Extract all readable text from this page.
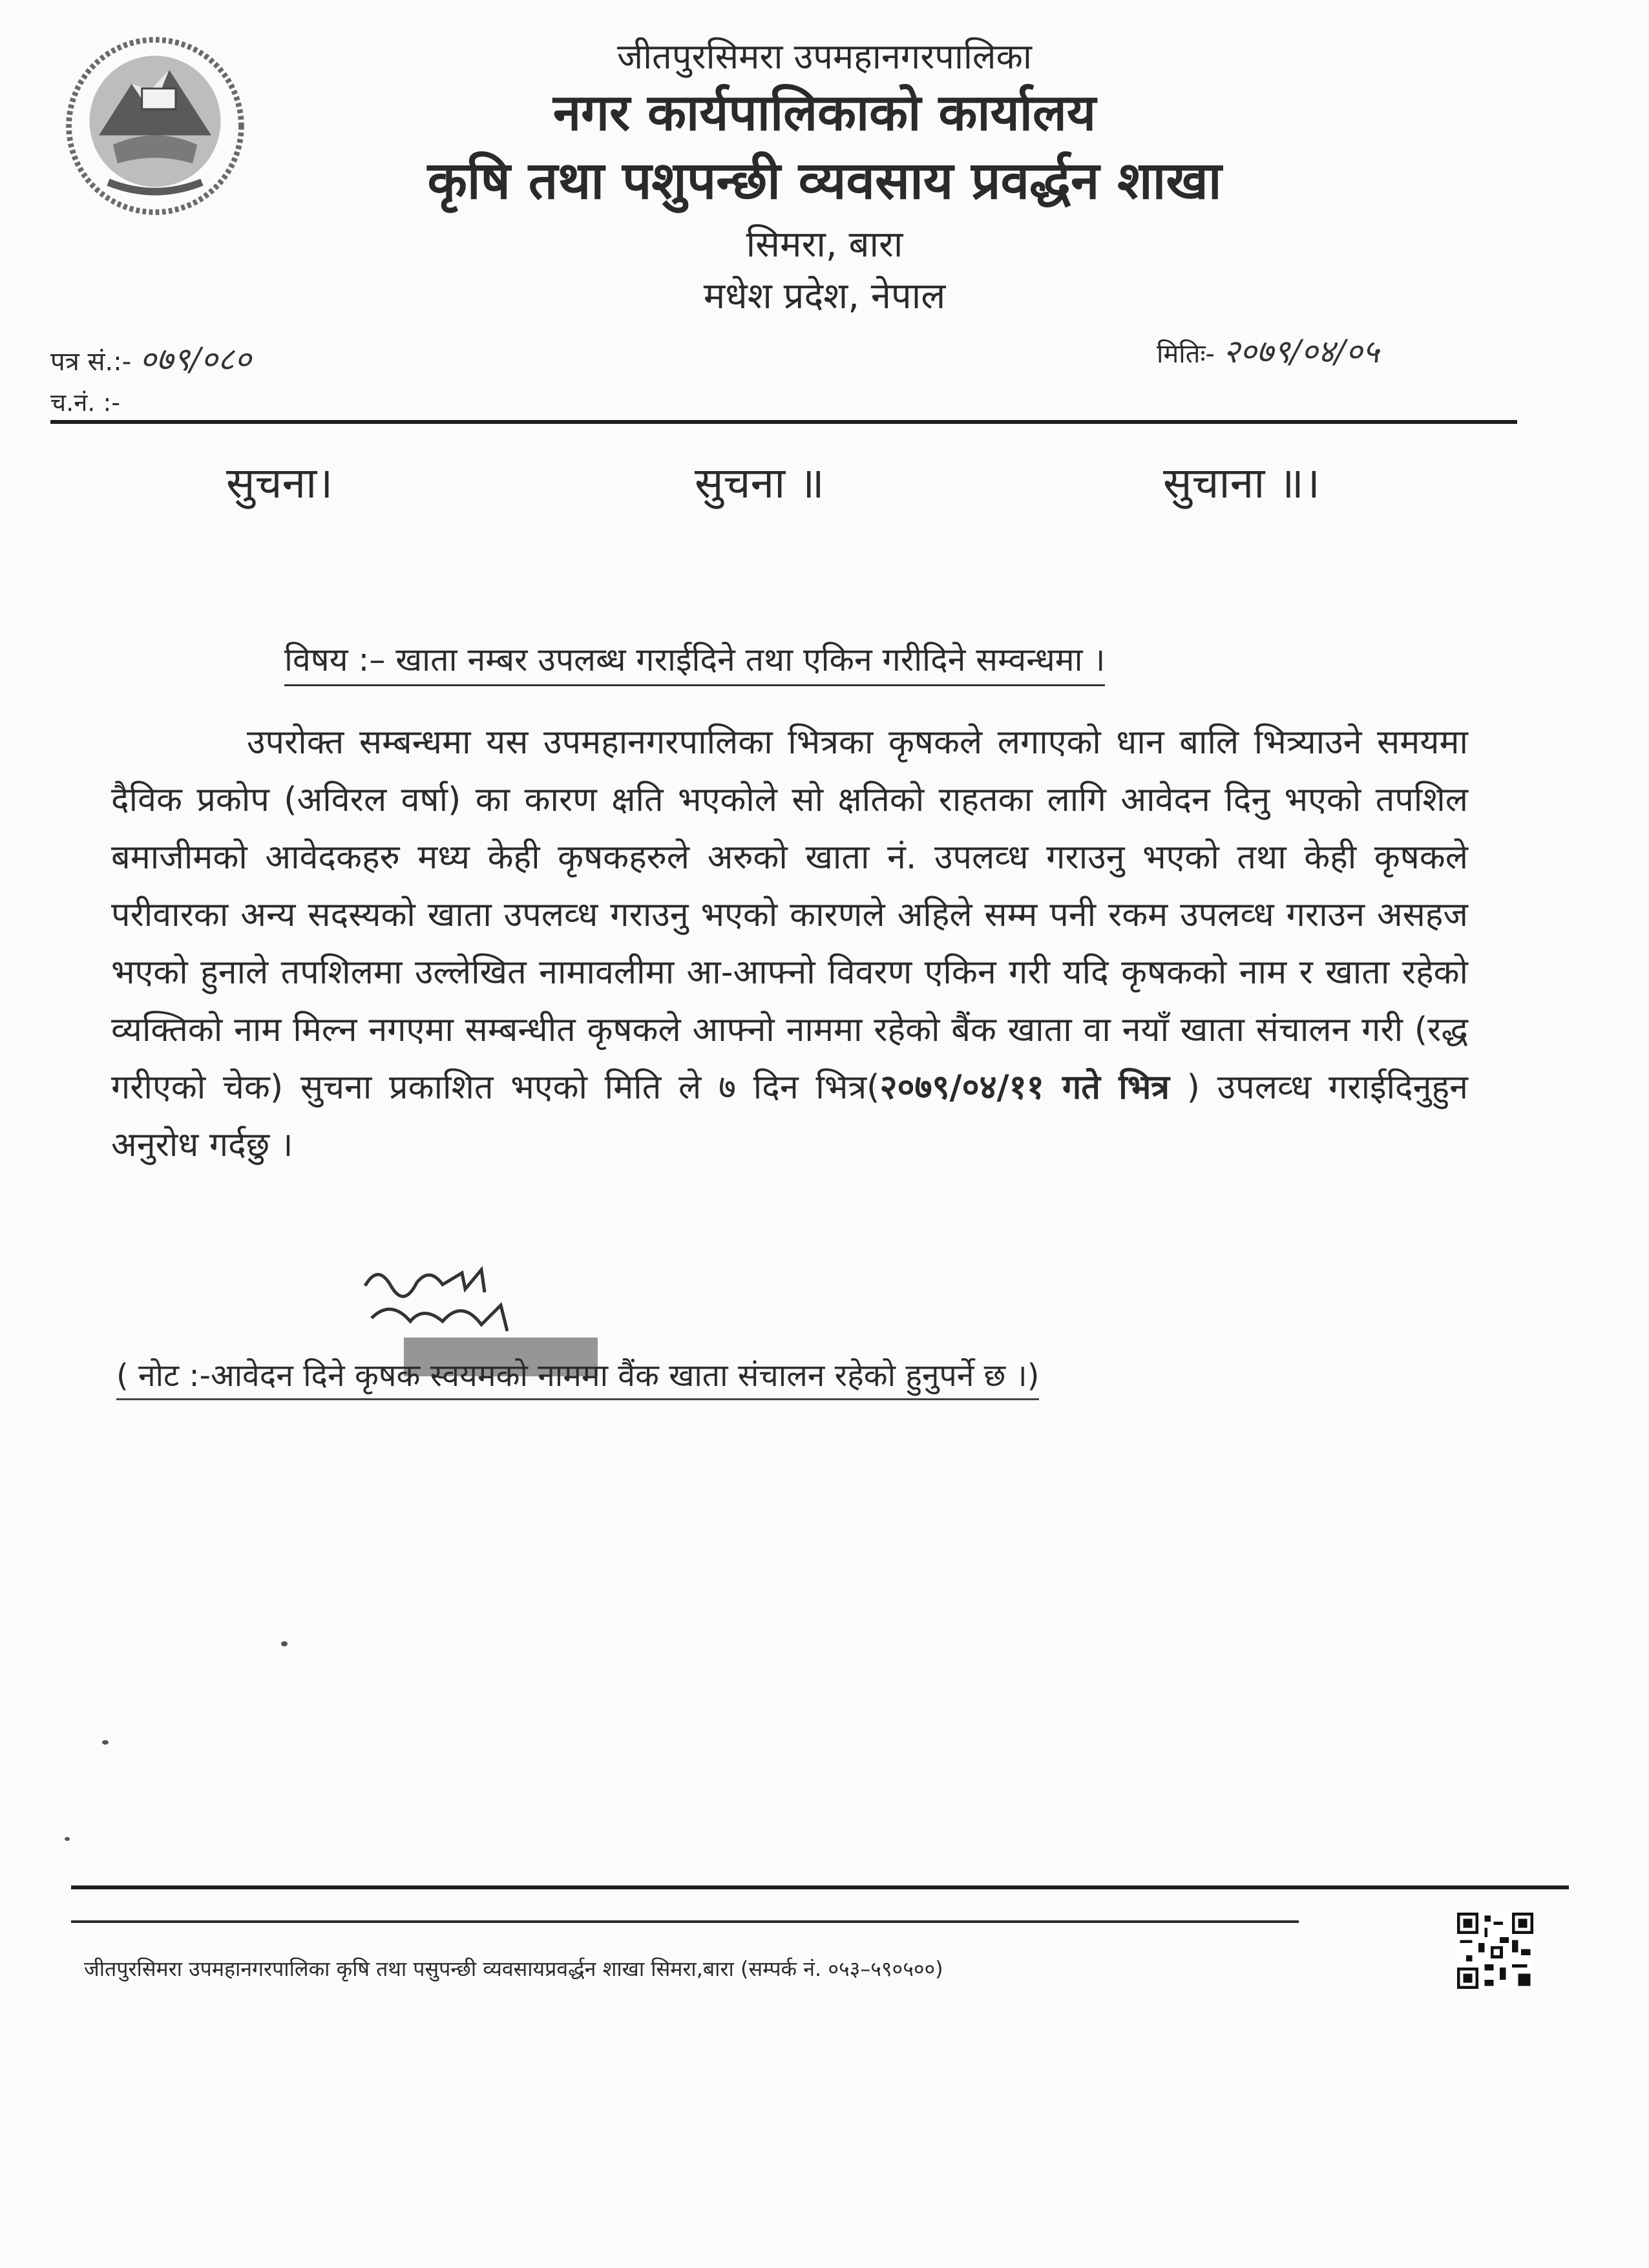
जीतपुरसिमरा उपमहानगरपालिका
नगर कार्यपालिकाको कार्यालय
कृषि तथा पशुपन्छी व्यवसाय प्रवर्द्धन शाखा
सिमरा, बारा
मधेश प्रदेश, नेपाल
पत्र सं.:- ०७९/०८०
च.नं. :-
मितिः- २०७९/०४/०५
सुचना।	सुचना ॥	सुचाना ॥।
विषय :– खाता नम्बर उपलब्ध गराईदिने तथा एकिन गरीदिने सम्वन्धमा ।
उपरोक्त सम्बन्धमा यस उपमहानगरपालिका भित्रका कृषकले लगाएको धान बालि भित्र्याउने समयमा दैविक प्रकोप (अविरल वर्षा) का कारण क्षति भएकोले सो क्षतिको राहतका लागि आवेदन दिनु भएको तपशिल बमाजीमको आवेदकहरु मध्य केही कृषकहरुले अरुको खाता नं. उपलव्ध गराउनु भएको तथा केही कृषकले परीवारका अन्य सदस्यको खाता उपलव्ध गराउनु भएको कारणले अहिले सम्म पनी रकम उपलव्ध गराउन असहज भएको हुनाले तपशिलमा उल्लेखित नामावलीमा आ-आफ्नो विवरण एकिन गरी यदि कृषकको नाम र खाता रहेको व्यक्तिको नाम मिल्न नगएमा सम्बन्धीत कृषकले आफ्नो नाममा रहेको बैंक खाता वा नयाँ खाता संचालन गरी (रद्ध गरीएको चेक) सुचना प्रकाशित भएको मिति ले ७ दिन भित्र(२०७९/०४/११ गते भित्र ) उपलव्ध गराईदिनुहुन अनुरोध गर्दछु ।
( नोट :-आवेदन दिने कृषक स्वयमको नाममा वैंक खाता संचालन रहेको हुनुपर्ने छ ।)
जीतपुरसिमरा उपमहानगरपालिका कृषि तथा पसुपन्छी व्यवसायप्रवर्द्धन शाखा सिमरा,बारा (सम्पर्क नं. ०५३–५९०५००)
